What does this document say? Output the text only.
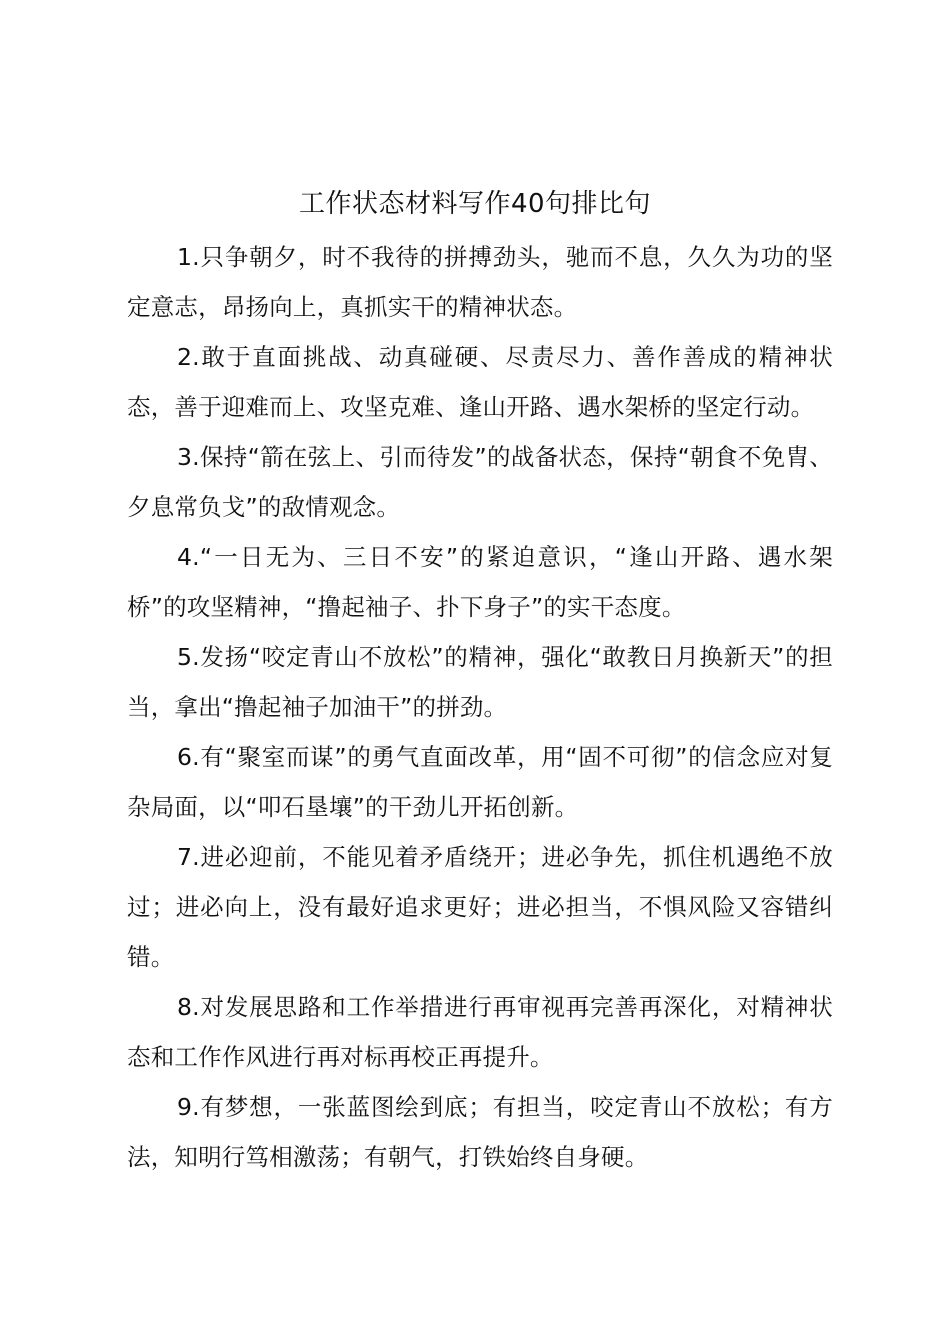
工作状态材料写作40句排比句

1.只争朝夕，时不我待的拼搏劲头，驰而不息，久久为功的坚定意志，昂扬向上，真抓实干的精神状态。

2.敢于直面挑战、动真碰硬、尽责尽力、善作善成的精神状态，善于迎难而上、攻坚克难、逢山开路、遇水架桥的坚定行动。

3.保持“箭在弦上、引而待发”的战备状态，保持“朝食不免胄、夕息常负戈”的敌情观念。

4.“一日无为、三日不安”的紧迫意识，“逢山开路、遇水架桥”的攻坚精神，“撸起袖子、扑下身子”的实干态度。

5.发扬“咬定青山不放松”的精神，强化“敢教日月换新天”的担当，拿出“撸起袖子加油干”的拼劲。

6.有“聚室而谋”的勇气直面改革，用“固不可彻”的信念应对复杂局面，以“叩石垦壤”的干劲儿开拓创新。

7.进必迎前，不能见着矛盾绕开；进必争先，抓住机遇绝不放过；进必向上，没有最好追求更好；进必担当，不惧风险又容错纠错。

8.对发展思路和工作举措进行再审视再完善再深化，对精神状态和工作作风进行再对标再校正再提升。

9.有梦想，一张蓝图绘到底；有担当，咬定青山不放松；有方法，知明行笃相激荡；有朝气，打铁始终自身硬。
